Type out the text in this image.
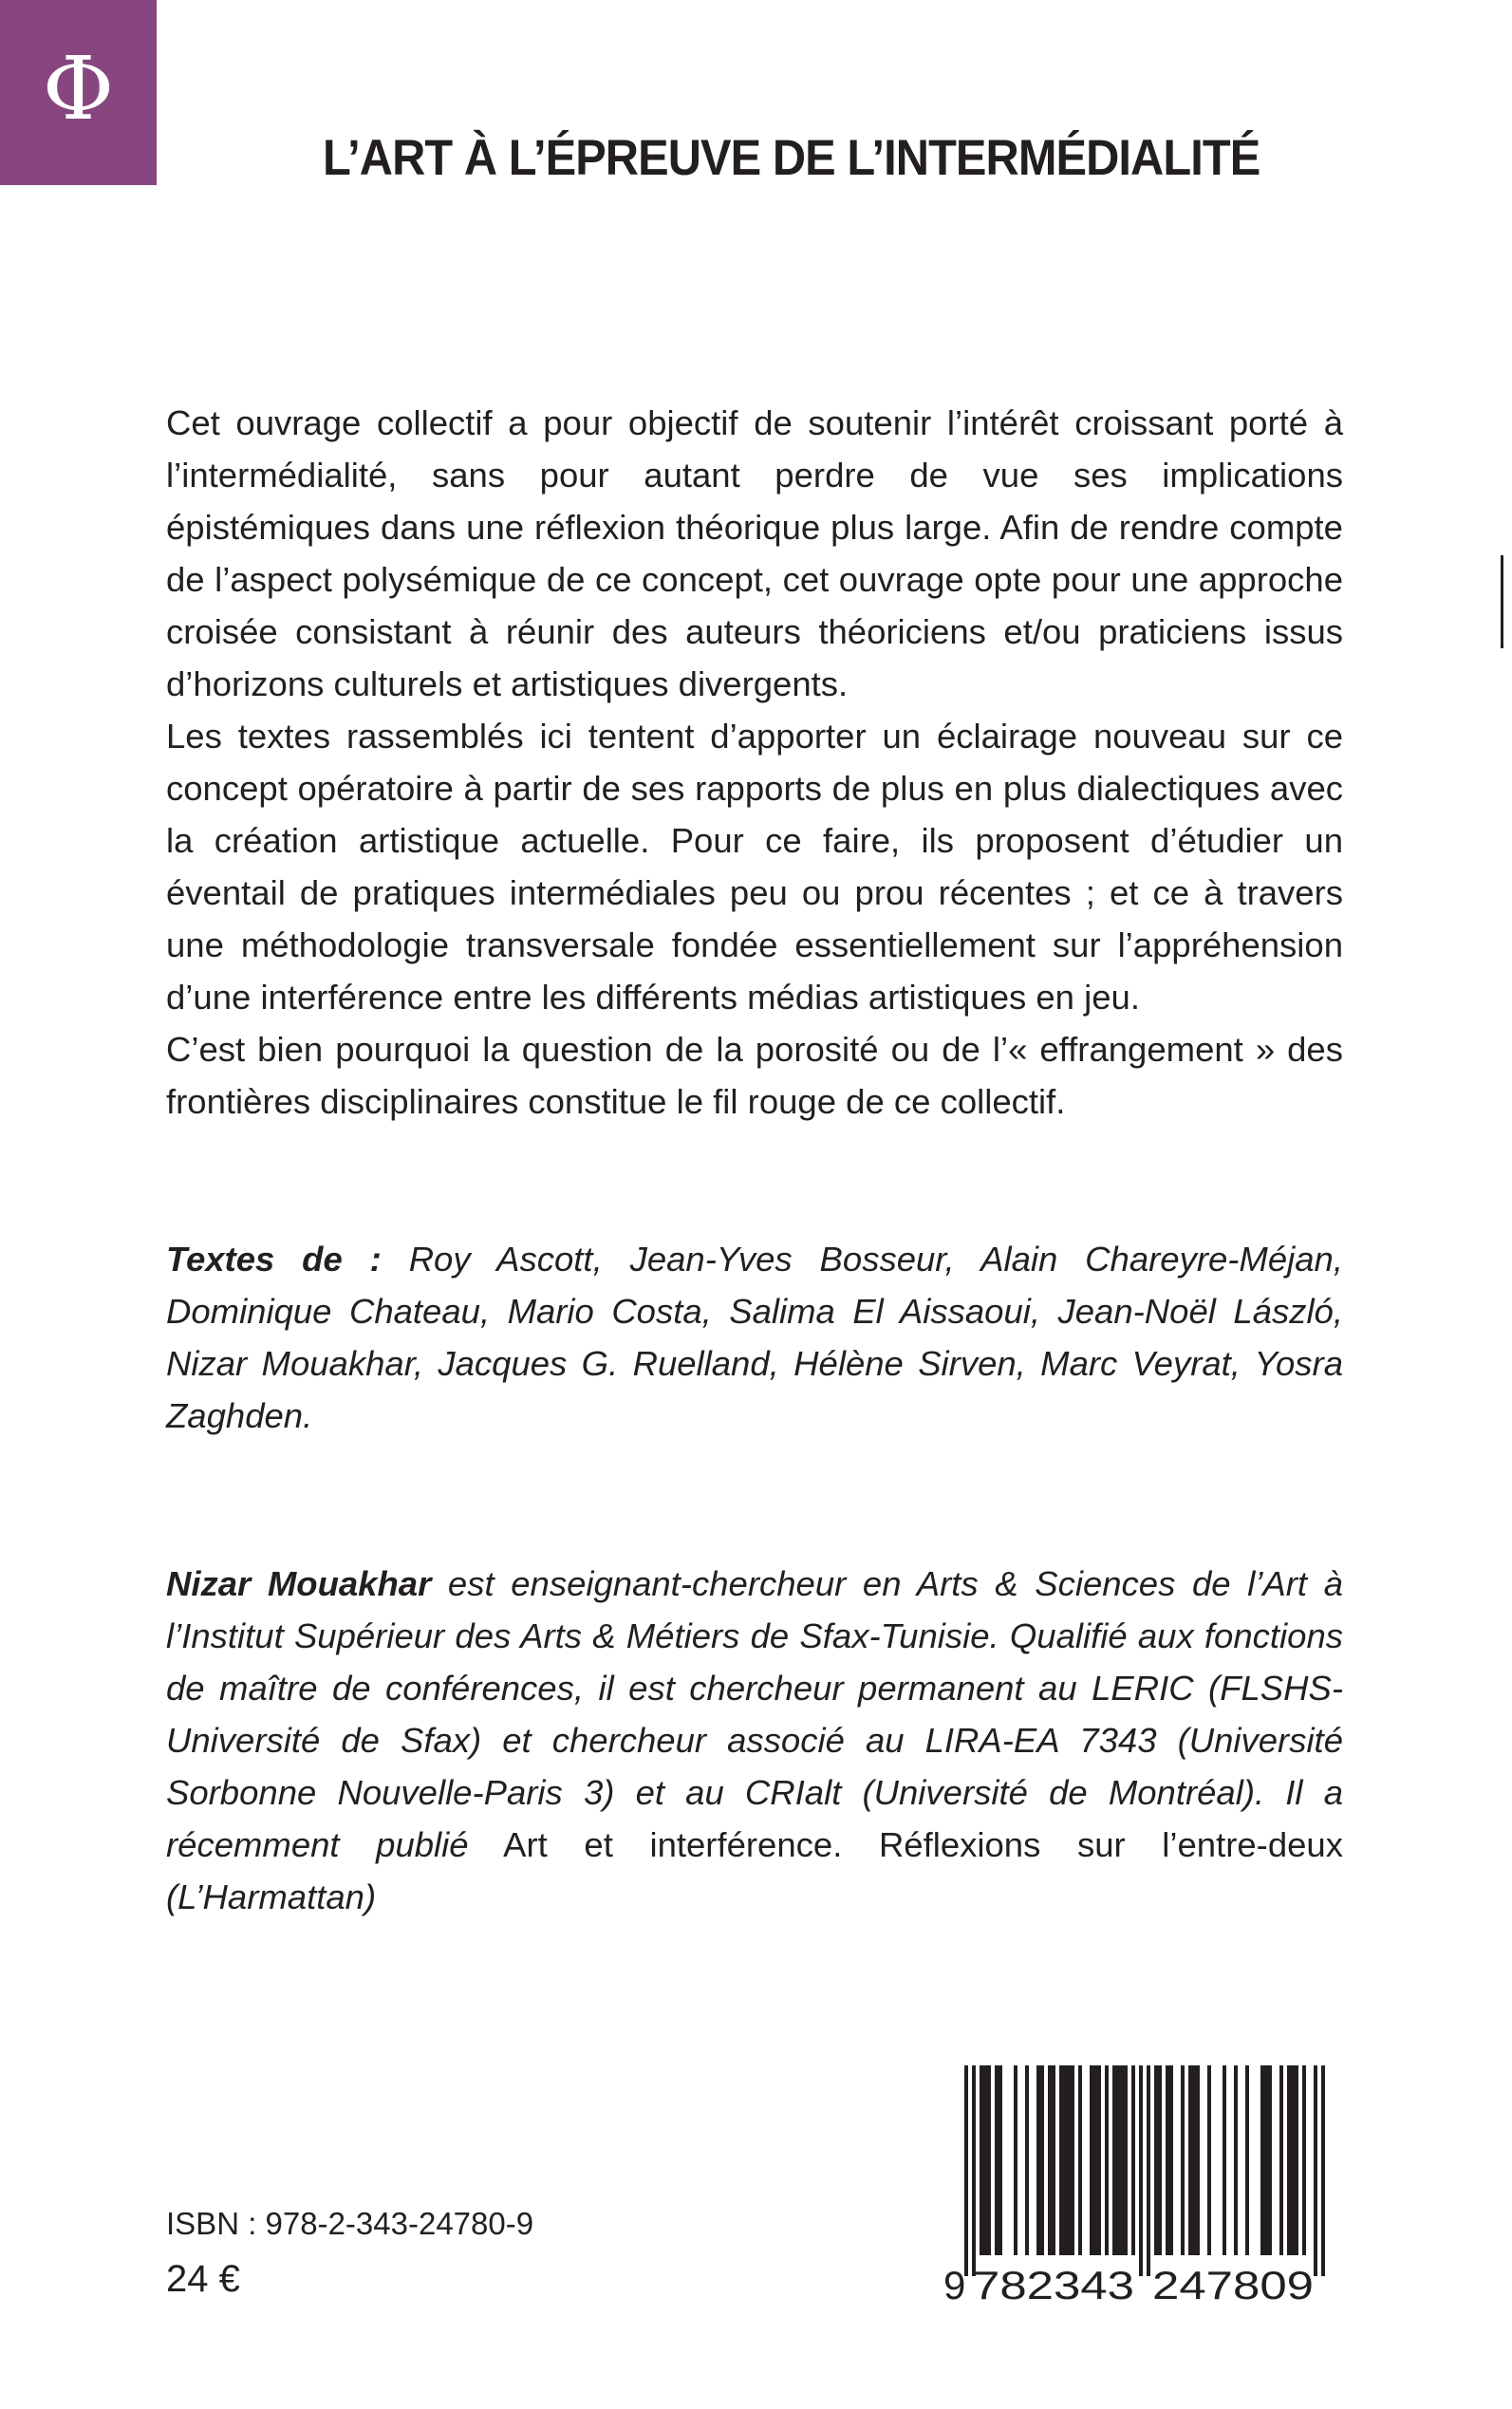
Φ
L’ART À L’ÉPREUVE DE L’INTERMÉDIALITÉ

Cet ouvrage collectif a pour objectif de soutenir l’intérêt croissant porté à l’intermédialité, sans pour autant perdre de vue ses implications épistémiques dans une réflexion théorique plus large. Afin de rendre compte de l’aspect polysémique de ce concept, cet ouvrage opte pour une approche croisée consistant à réunir des auteurs théoriciens et/ou praticiens issus d’horizons culturels et artistiques divergents.

Les textes rassemblés ici tentent d’apporter un éclairage nouveau sur ce concept opératoire à partir de ses rapports de plus en plus dialectiques avec la création artistique actuelle. Pour ce faire, ils proposent d’étudier un éventail de pratiques intermédiales peu ou prou récentes ; et ce à travers une méthodologie transversale fondée essentiellement sur l’appréhension d’une interférence entre les différents médias artistiques en jeu.

C’est bien pourquoi la question de la porosité ou de l’« effrangement » des frontières disciplinaires constitue le fil rouge de ce collectif.

Textes de : Roy Ascott, Jean-Yves Bosseur, Alain Chareyre-Méjan, Dominique Chateau, Mario Costa, Salima El Aissaoui, Jean-Noël László, Nizar Mouakhar, Jacques G. Ruelland, Hélène Sirven, Marc Veyrat, Yosra Zaghden.

Nizar Mouakhar est enseignant-chercheur en Arts & Sciences de l’Art à l’Institut Supérieur des Arts & Métiers de Sfax-Tunisie. Qualifié aux fonctions de maître de conférences, il est chercheur permanent au LERIC (FLSHS-Université de Sfax) et chercheur associé au LIRA-EA 7343 (Université Sorbonne Nouvelle-Paris 3) et au CRIalt (Université de Montréal). Il a récemment publié Art et interférence. Réflexions sur l’entre-deux (L’Harmattan)

ISBN : 978-2-343-24780-9
24 €	9 782343 247809
